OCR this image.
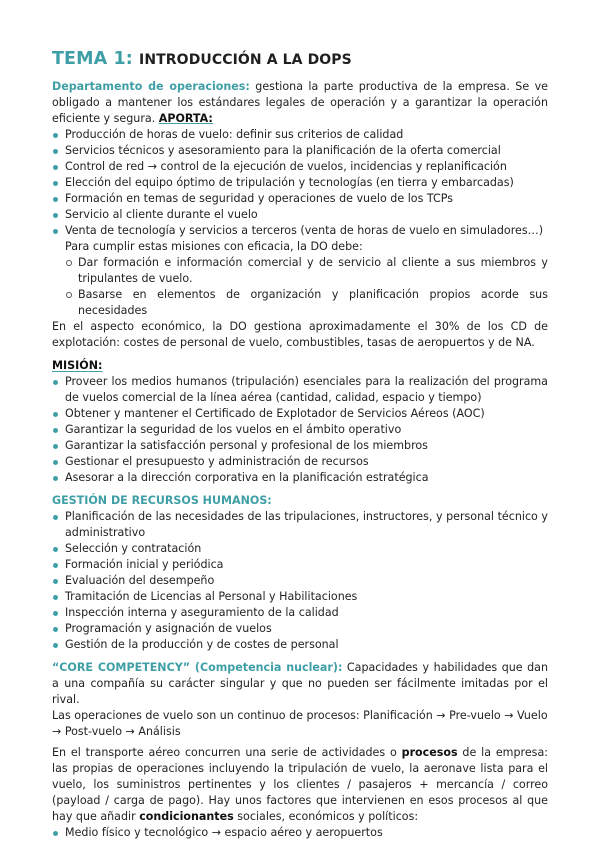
TEMA 1: INTRODUCCIÓN A LA DOPS

Departamento de operaciones: gestiona la parte productiva de la empresa. Se ve obligado a mantener los estándares legales de operación y a garantizar la operación eficiente y segura. APORTA:

Producción de horas de vuelo: definir sus criterios de calidad
Servicios técnicos y asesoramiento para la planificación de la oferta comercial
Control de red → control de la ejecución de vuelos, incidencias y replanificación
Elección del equipo óptimo de tripulación y tecnologías (en tierra y embarcadas)
Formación en temas de seguridad y operaciones de vuelo de los TCPs
Servicio al cliente durante el vuelo
Venta de tecnología y servicios a terceros (venta de horas de vuelo en simuladores…)
Para cumplir estas misiones con eficacia, la DO debe:
Dar formación e información comercial y de servicio al cliente a sus miembros y tripulantes de vuelo.
Basarse en elementos de organización y planificación propios acorde sus necesidades

En el aspecto económico, la DO gestiona aproximadamente el 30% de los CD de explotación: costes de personal de vuelo, combustibles, tasas de aeropuertos y de NA.

MISIÓN:
Proveer los medios humanos (tripulación) esenciales para la realización del programa de vuelos comercial de la línea aérea (cantidad, calidad, espacio y tiempo)
Obtener y mantener el Certificado de Explotador de Servicios Aéreos (AOC)
Garantizar la seguridad de los vuelos en el ámbito operativo
Garantizar la satisfacción personal y profesional de los miembros
Gestionar el presupuesto y administración de recursos
Asesorar a la dirección corporativa en la planificación estratégica
GESTIÓN DE RECURSOS HUMANOS:
Planificación de las necesidades de las tripulaciones, instructores, y personal técnico y administrativo
Selección y contratación
Formación inicial y periódica
Evaluación del desempeño
Tramitación de Licencias al Personal y Habilitaciones
Inspección interna y aseguramiento de la calidad
Programación y asignación de vuelos
Gestión de la producción y de costes de personal

“CORE COMPETENCY” (Competencia nuclear): Capacidades y habilidades que dan a una compañía su carácter singular y que no pueden ser fácilmente imitadas por el rival.

Las operaciones de vuelo son un continuo de procesos: Planificación → Pre-vuelo → Vuelo → Post-vuelo → Análisis

En el transporte aéreo concurren una serie de actividades o procesos de la empresa: las propias de operaciones incluyendo la tripulación de vuelo, la aeronave lista para el vuelo, los suministros pertinentes y los clientes / pasajeros + mercancía / correo (payload / carga de pago). Hay unos factores que intervienen en esos procesos al que hay que añadir condicionantes sociales, económicos y políticos:

Medio físico y tecnológico → espacio aéreo y aeropuertos
